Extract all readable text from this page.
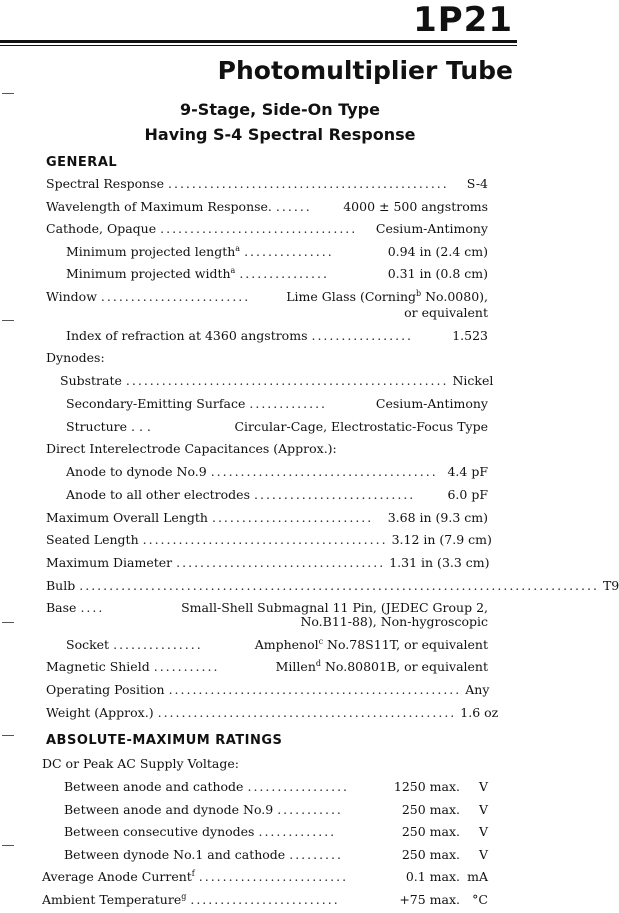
1P21
Photomultiplier Tube
9-Stage, Side-On Type
Having S-4 Spectral Response
GENERAL
Spectral Response ...............................................	S-4
Wavelength of Maximum Response. ......	4000 ± 500 angstroms
Cathode, Opaque .................................	Cesium-Antimony
Minimum projected length$^a$ ...............	0.94 in (2.4 cm)
Minimum projected width$^a$ ...............	0.31 in (0.8 cm)
Window .........................	Lime Glass (Corning$^b$ No.0080),
or equivalent
Index of refraction at 4360 angstroms .................	1.523
Dynodes:
Substrate ...................................................... Nickel
Secondary-Emitting Surface .............	Cesium-Antimony
Structure . . .	Circular-Cage, Electrostatic-Focus Type
Direct Interelectrode Capacitances (Approx.):
Anode to dynode No.9 ...................................... 4.4 pF
Anode to all other electrodes ...........................	6.0 pF
Maximum Overall Length ...........................	3.68 in (9.3 cm)
Seated Length ......................................... 3.12 in (7.9 cm)
Maximum Diameter ................................... 1.31 in (3.3 cm)
Bulb ....................................................................................... T9
Base ....	Small-Shell Submagnal 11 Pin, (JEDEC Group 2,
No.B11-88), Non-hygroscopic
Socket ...............	Amphenol$^c$ No.78S11T, or equivalent
Magnetic Shield ...........	Millen$^d$ No.80801B, or equivalent
Operating Position ................................................. Any
Weight (Approx.) .................................................. 1.6 oz
ABSOLUTE-MAXIMUM RATINGS
DC or Peak AC Supply Voltage:
Between anode and cathode .................	1250 max.	V
Between anode and dynode No.9 ...........	250 max.	V
Between consecutive dynodes .............	250 max.	V
Between dynode No.1 and cathode .........	250 max.	V
Average Anode Current$^f$ .........................	0.1 max. mA
Ambient Temperature$^g$ .........................	+75 max. °C
